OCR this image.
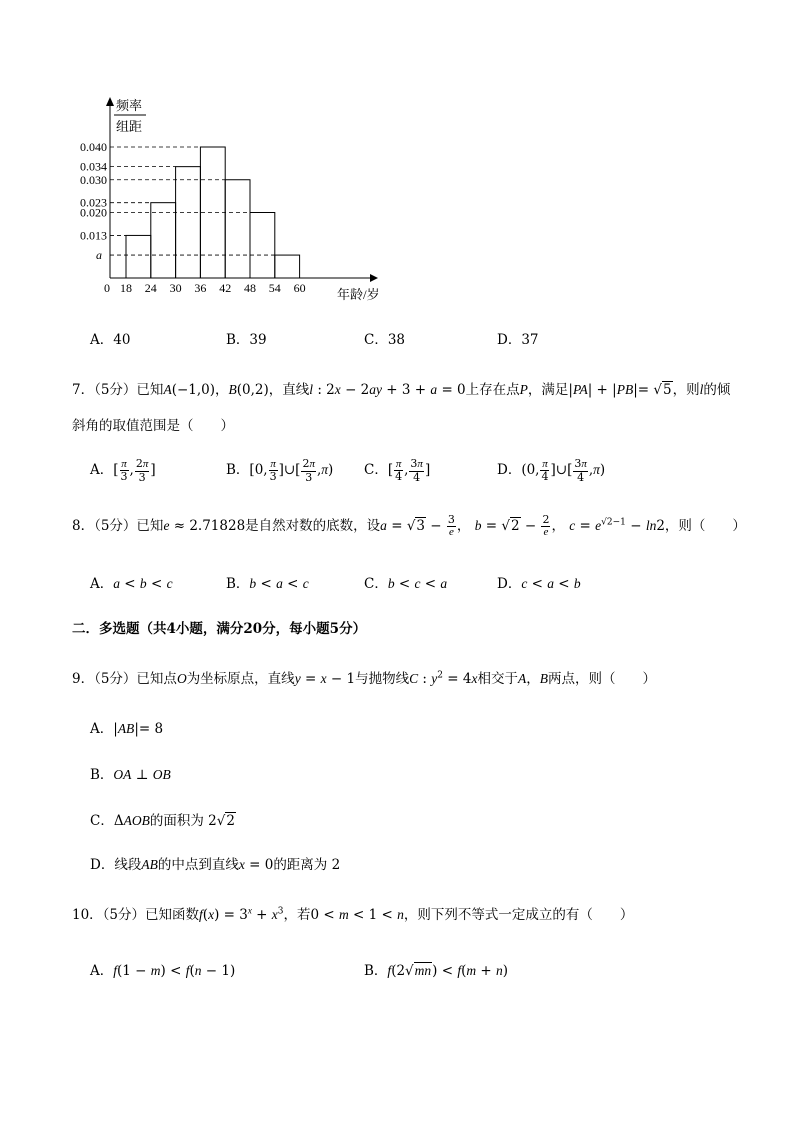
0.040
0.034
0.030
0.023
0.020
0.013
a
18 24 30 36 42 48 54 60
频率
组距
年龄/岁
0
A．40	B．39	C．38	D．37
7．（5分）已知A(−1,0)，B(0,2)，直线l : 2x − 2ay + 3 + a = 0上存在点P，满足|PA| + |PB|= √5，则l的倾
斜角的取值范围是（　　）
A．[ $\frac{\pi}{3}$ , $\frac{2\pi}{3}$ ]	B．[0, $\frac{\pi}{3}$ ]∪[ $\frac{2\pi}{3} ,\pi$) C．[ $\frac{\pi}{4}$ , $\frac{3\pi}{4}$ ]	D．(0, $\frac{\pi}{4}$ ]∪[ $\frac{3\pi}{4} ,\pi$)
8．（5分）已知e ≈ 2.71828是自然对数的底数，设$a = √3 - \frac{3}{e}$ ， $b = √2 - \frac{2}{e}$ ， $c = e^{√2-1} - \ln 2$，则（　　）
A．a < b < c	B．b < a < c	C．b < c < a	D．c < a < b
二．多选题（共4小题，满分20分，每小题5分）
9．（5分）已知点O为坐标原点，直线y = x − 1与抛物线C : $y^2 = 4x$相交于A，B两点，则（　　）
A．|AB|= 8
B．OA ⊥ OB
C．ΔAOB的面积为 2√2
D．线段AB的中点到直线x = 0的距离为 2
10．（5分）已知函数$f(x) = 3^x + x^3$，若0 < m < 1 < n，则下列不等式一定成立的有（　　）
A．f(1 − m) < f(n − 1)	B．f(2√mn) < f(m + n)
